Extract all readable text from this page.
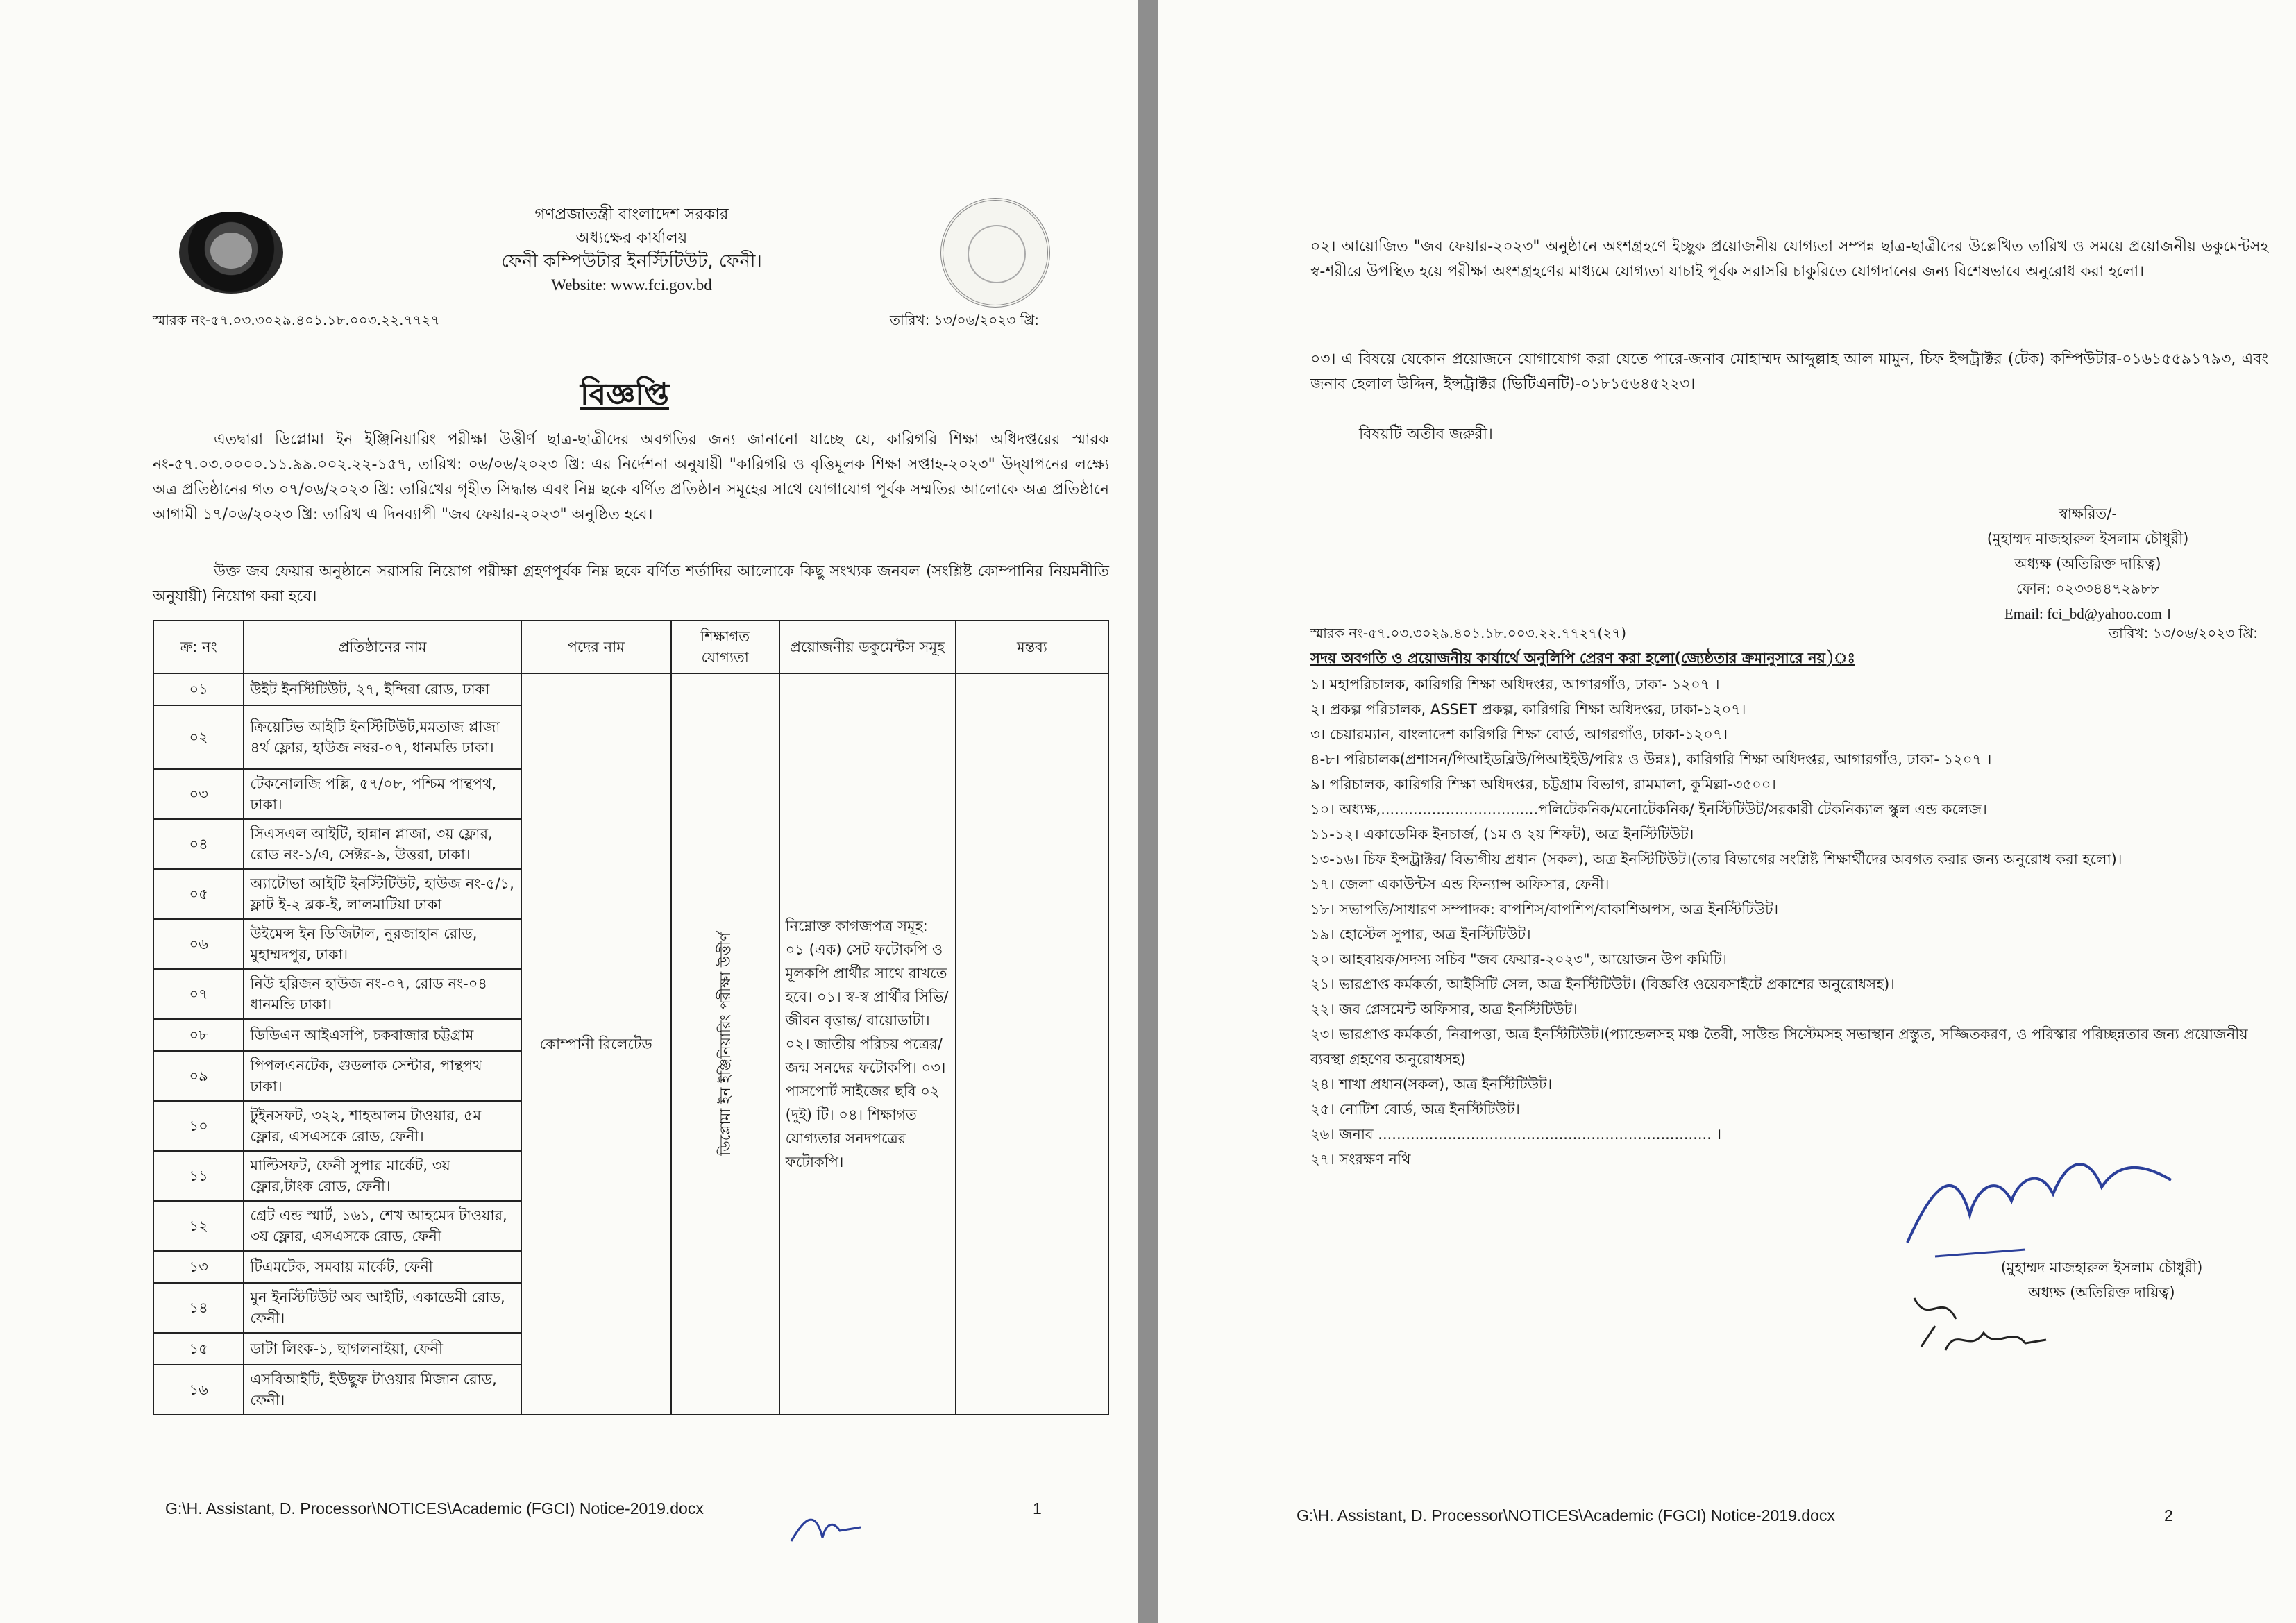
গণপ্রজাতন্ত্রী বাংলাদেশ সরকার
অধ্যক্ষের কার্যালয়
ফেনী কম্পিউটার ইনস্টিটিউট, ফেনী।
Website: www.fci.gov.bd
স্মারক নং-৫৭.০৩.৩০২৯.৪০১.১৮.০০৩.২২.৭৭২৭	তারিখ: ১৩/০৬/২০২৩ খ্রি:
বিজ্ঞপ্তি
এতদ্বারা ডিপ্লোমা ইন ইঞ্জিনিয়ারিং পরীক্ষা উত্তীর্ণ ছাত্র-ছাত্রীদের অবগতির জন্য জানানো যাচ্ছে যে, কারিগরি শিক্ষা অধিদপ্তরের স্মারক নং-৫৭.০৩.০০০০.১১.৯৯.০০২.২২-১৫৭, তারিখ: ০৬/০৬/২০২৩ খ্রি: এর নির্দেশনা অনুযায়ী "কারিগরি ও বৃত্তিমূলক শিক্ষা সপ্তাহ-২০২৩" উদ্‌যাপনের লক্ষ্যে অত্র প্রতিষ্ঠানের গত ০৭/০৬/২০২৩ খ্রি: তারিখের গৃহীত সিদ্ধান্ত এবং নিম্ন ছকে বর্ণিত প্রতিষ্ঠান সমূহের সাথে যোগাযোগ পূর্বক সম্মতির আলোকে অত্র প্রতিষ্ঠানে আগামী ১৭/০৬/২০২৩ খ্রি: তারিখ এ দিনব্যাপী "জব ফেয়ার-২০২৩" অনুষ্ঠিত হবে।
উক্ত জব ফেয়ার অনুষ্ঠানে সরাসরি নিয়োগ পরীক্ষা গ্রহণপূর্বক নিম্ন ছকে বর্ণিত শর্তাদির আলোকে কিছু সংখ্যক জনবল (সংশ্লিষ্ট কোম্পানির নিয়মনীতি অনুযায়ী) নিয়োগ করা হবে।
ক্র: নং	প্রতিষ্ঠানের নাম	পদের নাম	শিক্ষাগত যোগ্যতা	প্রয়োজনীয় ডকুমেন্টস সমূহ	মন্তব্য
০১	উইট ইনস্টিটিউট, ২৭, ইন্দিরা রোড, ঢাকা	কোম্পানী রিলেটেড	ডিপ্লোমা ইন ইঞ্জিনিয়ারিং পরীক্ষা উত্তীর্ণ	নিম্নোক্ত কাগজপত্র সমূহ: ০১ (এক) সেট ফটোকপি ও মূলকপি প্রার্থীর সাথে রাখতে হবে। ০১। স্ব-স্ব প্রার্থীর সিভি/জীবন বৃত্তান্ত/ বায়োডাটা। ০২। জাতীয় পরিচয় পত্রের/জন্ম সনদের ফটোকপি। ০৩। পাসপোর্ট সাইজের ছবি ০২ (দুই) টি। ০৪। শিক্ষাগত যোগ্যতার সনদপত্রের ফটোকপি।	
০২	ক্রিয়েটিভ আইটি ইনস্টিটিউট,মমতাজ প্লাজা ৪র্থ ফ্লোর, হাউজ নম্বর-০৭, ধানমন্ডি ঢাকা।				
০৩	টেকনোলজি পল্লি, ৫৭/০৮, পশ্চিম পান্থপথ, ঢাকা।				
০৪	সিএসএল আইটি, হান্নান প্লাজা, ৩য় ফ্লোর, রোড নং-১/এ, সেক্টর-৯, উত্তরা, ঢাকা।				
০৫	অ্যাটোভা আইটি ইনস্টিটিউট, হাউজ নং-৫/১, ফ্লাট ই-২ ব্লক-ই, লালমাটিয়া ঢাকা				
০৬	উইমেন্স ইন ডিজিটাল, নুরজাহান রোড, মুহাম্মদপুর, ঢাকা।				
০৭	নিউ হরিজন হাউজ নং-০৭, রোড নং-০৪ ধানমন্ডি ঢাকা।				
০৮	ডিডিএন আইএসপি, চকবাজার চট্টগ্রাম				
০৯	পিপলএনটেক, গুডলাক সেন্টার, পান্থপথ ঢাকা।				
১০	টুইনসফট, ৩২২, শাহআলম টাওয়ার, ৫ম ফ্লোর, এসএসকে রোড, ফেনী।				
১১	মাল্টিসফট, ফেনী সুপার মার্কেট, ৩য় ফ্লোর,টাংক রোড, ফেনী।				
১২	গ্রেট এন্ড স্মার্ট, ১৬১, শেখ আহমেদ টাওয়ার, ৩য় ফ্লোর, এসএসকে রোড, ফেনী				
১৩	টিএমটেক, সমবায় মার্কেট, ফেনী				
১৪	মুন ইনস্টিটিউট অব আইটি, একাডেমী রোড, ফেনী।				
১৫	ডাটা লিংক-১, ছাগলনাইয়া, ফেনী				
১৬	এসবিআইটি, ইউছুফ টাওয়ার মিজান রোড, ফেনী।				
G:\H. Assistant, D. Processor\NOTICES\Academic (FGCI) Notice-2019.docx	1
০২। আয়োজিত "জব ফেয়ার-২০২৩" অনুষ্ঠানে অংশগ্রহণে ইচ্ছুক প্রয়োজনীয় যোগ্যতা সম্পন্ন ছাত্র-ছাত্রীদের উল্লেখিত তারিখ ও সময়ে প্রয়োজনীয় ডকুমেন্টসহ স্ব-শরীরে উপস্থিত হয়ে পরীক্ষা অংশগ্রহণের মাধ্যমে যোগ্যতা যাচাই পূর্বক সরাসরি চাকুরিতে যোগদানের জন্য বিশেষভাবে অনুরোধ করা হলো।
০৩। এ বিষয়ে যেকোন প্রয়োজনে যোগাযোগ করা যেতে পারে-জনাব মোহাম্মদ আব্দুল্লাহ আল মামুন, চিফ ইন্সট্রাক্টর (টেক) কম্পিউটার-০১৬১৫৫৯১৭৯৩, এবং জনাব হেলাল উদ্দিন, ইন্সট্রাক্টর (ভিটিএনটি)-০১৮১৫৬৪৫২২৩।
বিষয়টি অতীব জরুরী।
স্বাক্ষরিত/-
(মুহাম্মদ মাজহারুল ইসলাম চৌধুরী)
অধ্যক্ষ (অতিরিক্ত দায়িত্ব)
ফোন: ০২৩৩৪৪৭২৯৮৮
Email: fci_bd@yahoo.com ।
স্মারক নং-৫৭.০৩.৩০২৯.৪০১.১৮.০০৩.২২.৭৭২৭(২৭)	তারিখ: ১৩/০৬/২০২৩ খ্রি:
সদয় অবগতি ও প্রয়োজনীয় কার্যার্থে অনুলিপি প্রেরণ করা হলো(জ্যেষ্ঠতার ক্রমানুসারে নয়)ঃ
১। মহাপরিচালক, কারিগরি শিক্ষা অধিদপ্তর, আগারগাঁও, ঢাকা- ১২০৭ ।
২। প্রকল্প পরিচালক, ASSET প্রকল্প, কারিগরি শিক্ষা অধিদপ্তর, ঢাকা-১২০৭।
৩। চেয়ারম্যান, বাংলাদেশ কারিগরি শিক্ষা বোর্ড, আগরগাঁও, ঢাকা-১২০৭।
৪-৮। পরিচালক(প্রশাসন/পিআইডব্লিউ/পিআইইউ/পরিঃ ও উন্নঃ), কারিগরি শিক্ষা অধিদপ্তর, আগারগাঁও, ঢাকা- ১২০৭ ।
৯। পরিচালক, কারিগরি শিক্ষা অধিদপ্তর, চট্টগ্রাম বিভাগ, রামমালা, কুমিল্লা-৩৫০০।
১০। অধ্যক্ষ,..................................পলিটেকনিক/মনোটেকনিক/ ইনস্টিটিউট/সরকারী টেকনিক্যাল স্কুল এন্ড কলেজ।
১১-১২। একাডেমিক ইনচার্জ, (১ম ও ২য় শিফট), অত্র ইনস্টিটিউট।
১৩-১৬। চিফ ইন্সট্রাক্টর/ বিভাগীয় প্রধান (সকল), অত্র ইনস্টিটিউট।(তার বিভাগের সংশ্লিষ্ট শিক্ষার্থীদের অবগত করার জন্য অনুরোধ করা হলো)।
১৭। জেলা একাউন্টস এন্ড ফিন্যান্স অফিসার, ফেনী।
১৮। সভাপতি/সাধারণ সম্পাদক: বাপশিস/বাপশিপ/বাকাশিঅপস, অত্র ইনস্টিটিউট।
১৯। হোস্টেল সুপার, অত্র ইনস্টিটিউট।
২০। আহবায়ক/সদস্য সচিব "জব ফেয়ার-২০২৩", আয়োজন উপ কমিটি।
২১। ভারপ্রাপ্ত কর্মকর্তা, আইসিটি সেল, অত্র ইনস্টিটিউট। (বিজ্ঞপ্তি ওয়েবসাইটে প্রকাশের অনুরোধসহ)।
২২। জব প্লেসমেন্ট অফিসার, অত্র ইনস্টিটিউট।
২৩। ভারপ্রাপ্ত কর্মকর্তা, নিরাপত্তা, অত্র ইনস্টিটিউট।(প্যান্ডেলসহ মঞ্চ তৈরী, সাউন্ড সিস্টেমসহ সভাস্থান প্রস্তুত, সজ্জিতকরণ, ও পরিস্কার পরিচ্ছন্নতার জন্য প্রয়োজনীয় ব্যবস্থা গ্রহণের অনুরোধসহ)
২৪। শাখা প্রধান(সকল), অত্র ইনস্টিটিউট।
২৫। নোটিশ বোর্ড, অত্র ইনস্টিটিউট।
২৬। জনাব ........................................................................ ।
২৭। সংরক্ষণ নথি
(মুহাম্মদ মাজহারুল ইসলাম চৌধুরী)
অধ্যক্ষ (অতিরিক্ত দায়িত্ব)
G:\H. Assistant, D. Processor\NOTICES\Academic (FGCI) Notice-2019.docx	2
